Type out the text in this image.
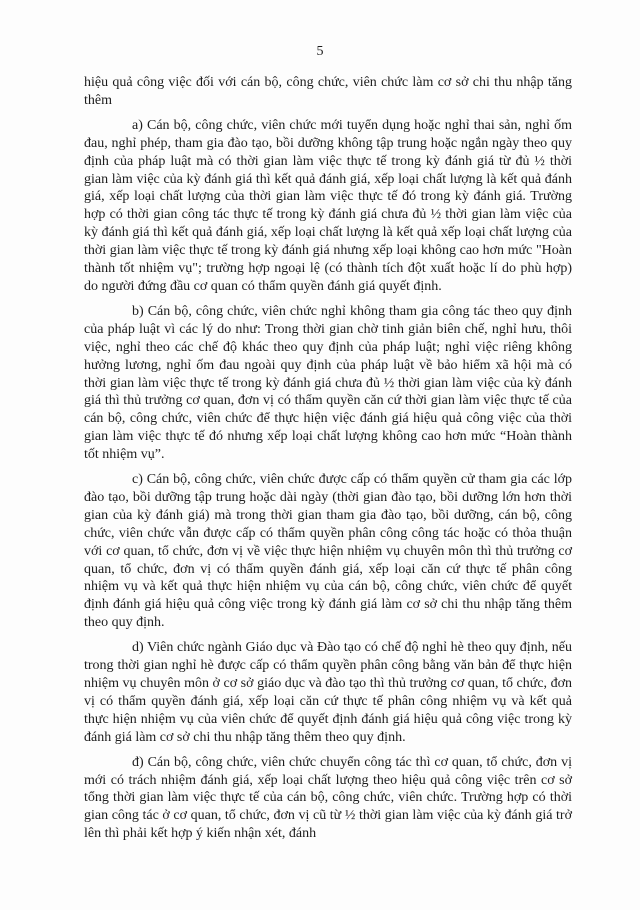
5

hiệu quả công việc đối với cán bộ, công chức, viên chức làm cơ sở chi thu nhập tăng thêm

a) Cán bộ, công chức, viên chức mới tuyển dụng hoặc nghỉ thai sản, nghỉ ốm đau, nghỉ phép, tham gia đào tạo, bồi dưỡng không tập trung hoặc ngắn ngày theo quy định của pháp luật mà có thời gian làm việc thực tế trong kỳ đánh giá từ đủ ½ thời gian làm việc của kỳ đánh giá thì kết quả đánh giá, xếp loại chất lượng là kết quả đánh giá, xếp loại chất lượng của thời gian làm việc thực tế đó trong kỳ đánh giá. Trường hợp có thời gian công tác thực tế trong kỳ đánh giá chưa đủ ½ thời gian làm việc của kỳ đánh giá thì kết quả đánh giá, xếp loại chất lượng là kết quả xếp loại chất lượng của thời gian làm việc thực tế trong kỳ đánh giá nhưng xếp loại không cao hơn mức "Hoàn thành tốt nhiệm vụ"; trường hợp ngoại lệ (có thành tích đột xuất hoặc lí do phù hợp) do người đứng đầu cơ quan có thẩm quyền đánh giá quyết định.

b) Cán bộ, công chức, viên chức nghỉ không tham gia công tác theo quy định của pháp luật vì các lý do như: Trong thời gian chờ tinh giản biên chế, nghỉ hưu, thôi việc, nghỉ theo các chế độ khác theo quy định của pháp luật; nghỉ việc riêng không hưởng lương, nghỉ ốm đau ngoài quy định của pháp luật về bảo hiểm xã hội mà có thời gian làm việc thực tế trong kỳ đánh giá chưa đủ ½ thời gian làm việc của kỳ đánh giá thì thủ trưởng cơ quan, đơn vị có thẩm quyền căn cứ thời gian làm việc thực tế của cán bộ, công chức, viên chức để thực hiện việc đánh giá hiệu quả công việc của thời gian làm việc thực tế đó nhưng xếp loại chất lượng không cao hơn mức “Hoàn thành tốt nhiệm vụ”.

c) Cán bộ, công chức, viên chức được cấp có thẩm quyền cử tham gia các lớp đào tạo, bồi dưỡng tập trung hoặc dài ngày (thời gian đào tạo, bồi dưỡng lớn hơn thời gian của kỳ đánh giá) mà trong thời gian tham gia đào tạo, bồi dưỡng, cán bộ, công chức, viên chức vẫn được cấp có thẩm quyền phân công công tác hoặc có thỏa thuận với cơ quan, tổ chức, đơn vị về việc thực hiện nhiệm vụ chuyên môn thì thủ trưởng cơ quan, tổ chức, đơn vị có thẩm quyền đánh giá, xếp loại căn cứ thực tế phân công nhiệm vụ và kết quả thực hiện nhiệm vụ của cán bộ, công chức, viên chức để quyết định đánh giá hiệu quả công việc trong kỳ đánh giá làm cơ sở chi thu nhập tăng thêm theo quy định.

d) Viên chức ngành Giáo dục và Đào tạo có chế độ nghỉ hè theo quy định, nếu trong thời gian nghỉ hè được cấp có thẩm quyền phân công bằng văn bản để thực hiện nhiệm vụ chuyên môn ở cơ sở giáo dục và đào tạo thì thủ trưởng cơ quan, tổ chức, đơn vị có thẩm quyền đánh giá, xếp loại căn cứ thực tế phân công nhiệm vụ và kết quả thực hiện nhiệm vụ của viên chức để quyết định đánh giá hiệu quả công việc trong kỳ đánh giá làm cơ sở chi thu nhập tăng thêm theo quy định.

đ) Cán bộ, công chức, viên chức chuyển công tác thì cơ quan, tổ chức, đơn vị mới có trách nhiệm đánh giá, xếp loại chất lượng theo hiệu quả công việc trên cơ sở tổng thời gian làm việc thực tế của cán bộ, công chức, viên chức. Trường hợp có thời gian công tác ở cơ quan, tổ chức, đơn vị cũ từ ½ thời gian làm việc của kỳ đánh giá trở lên thì phải kết hợp ý kiến nhận xét, đánh
